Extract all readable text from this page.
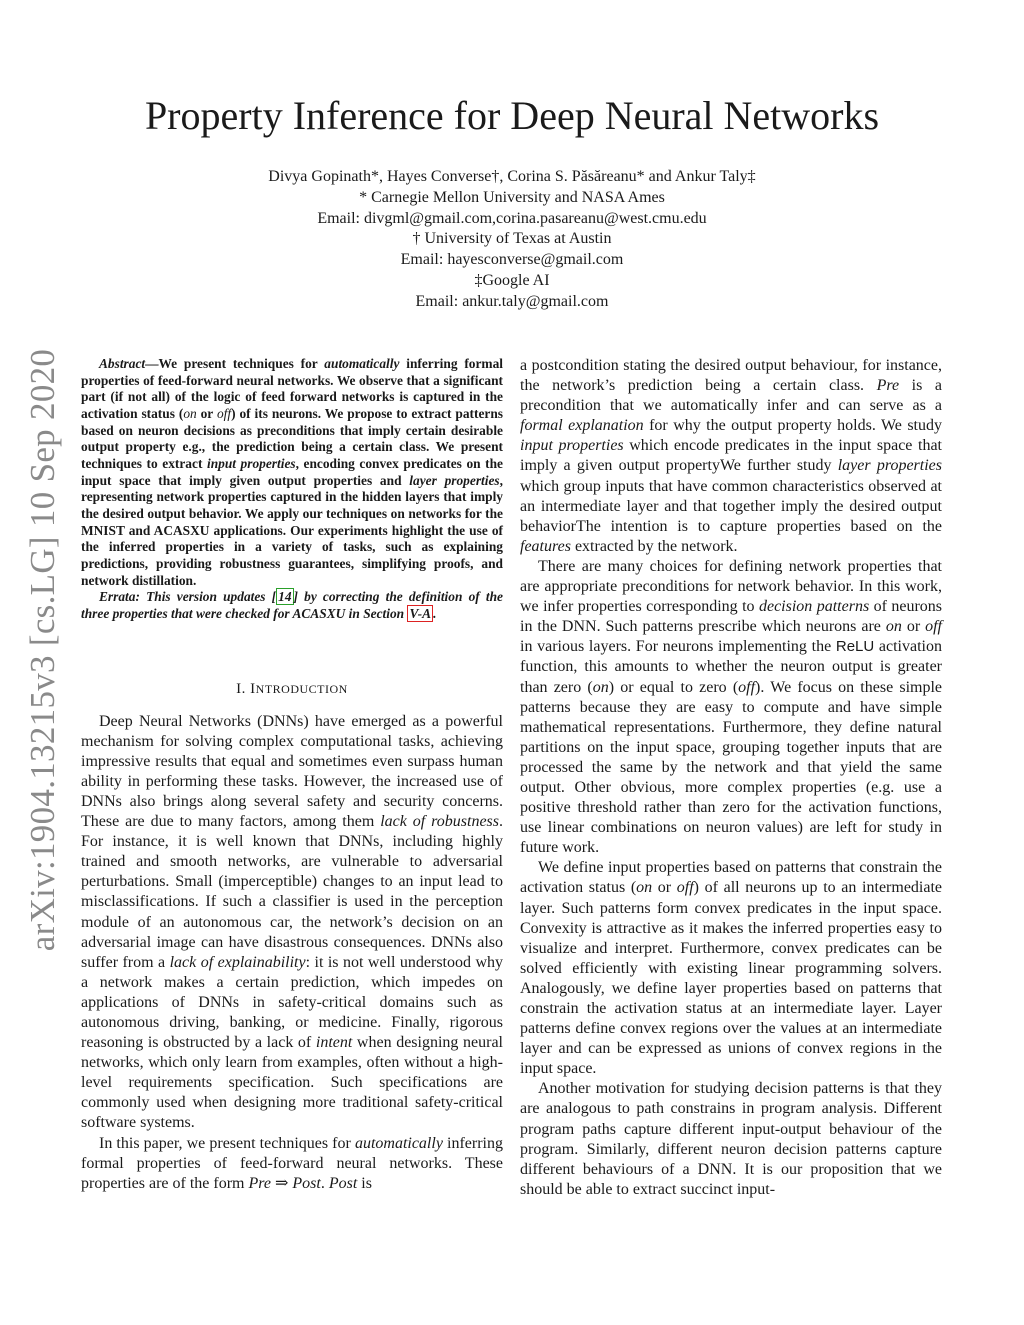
arXiv:1904.13215v3 [cs.LG] 10 Sep 2020
Property Inference for Deep Neural Networks
Divya Gopinath*, Hayes Converse†, Corina S. Păsăreanu* and Ankur Taly‡
* Carnegie Mellon University and NASA Ames
Email: divgml@gmail.com,corina.pasareanu@west.cmu.edu
† University of Texas at Austin
Email: hayesconverse@gmail.com
‡Google AI
Email: ankur.taly@gmail.com

Abstract—We present techniques for automatically inferring formal properties of feed-forward neural networks. We observe that a significant part (if not all) of the logic of feed forward networks is captured in the activation status (on or off) of its neurons. We propose to extract patterns based on neuron decisions as preconditions that imply certain desirable output property e.g., the prediction being a certain class. We present techniques to extract input properties, encoding convex predicates on the input space that imply given output properties and layer properties, representing network properties captured in the hidden layers that imply the desired output behavior. We apply our techniques on networks for the MNIST and ACASXU applications. Our experiments highlight the use of the inferred properties in a variety of tasks, such as explaining predictions, providing robustness guarantees, simplifying proofs, and network distillation.

Errata: This version updates [ 14 ] by correcting the definition of the three properties that were checked for ACASXU in Section V-A .

I. INTRODUCTION

Deep Neural Networks (DNNs) have emerged as a powerful mechanism for solving complex computational tasks, achieving impressive results that equal and sometimes even surpass human ability in performing these tasks. However, the increased use of DNNs also brings along several safety and security concerns. These are due to many factors, among them lack of robustness. For instance, it is well known that DNNs, including highly trained and smooth networks, are vulnerable to adversarial perturbations. Small (imperceptible) changes to an input lead to misclassifications. If such a classifier is used in the perception module of an autonomous car, the network’s decision on an adversarial image can have disastrous consequences. DNNs also suffer from a lack of explainability: it is not well understood why a network makes a certain prediction, which impedes on applications of DNNs in safety-critical domains such as autonomous driving, banking, or medicine. Finally, rigorous reasoning is obstructed by a lack of intent when designing neural networks, which only learn from examples, often without a high-level requirements specification. Such specifications are commonly used when designing more traditional safety-critical software systems.

In this paper, we present techniques for automatically inferring formal properties of feed-forward neural networks. These properties are of the form Pre ⇒ Post. Post is

a postcondition stating the desired output behaviour, for instance, the network’s prediction being a certain class. Pre is a precondition that we automatically infer and can serve as a formal explanation for why the output property holds. We study input properties which encode predicates in the input space that imply a given output propertyWe further study layer properties which group inputs that have common characteristics observed at an intermediate layer and that together imply the desired output behaviorThe intention is to capture properties based on the features extracted by the network.

There are many choices for defining network properties that are appropriate preconditions for network behavior. In this work, we infer properties corresponding to decision patterns of neurons in the DNN. Such patterns prescribe which neurons are on or off in various layers. For neurons implementing the ReLU activation function, this amounts to whether the neuron output is greater than zero (on) or equal to zero (off). We focus on these simple patterns because they are easy to compute and have simple mathematical representations. Furthermore, they define natural partitions on the input space, grouping together inputs that are processed the same by the network and that yield the same output. Other obvious, more complex properties (e.g. use a positive threshold rather than zero for the activation functions, use linear combinations on neuron values) are left for study in future work.

We define input properties based on patterns that constrain the activation status (on or off) of all neurons up to an intermediate layer. Such patterns form convex predicates in the input space. Convexity is attractive as it makes the inferred properties easy to visualize and interpret. Furthermore, convex predicates can be solved efficiently with existing linear programming solvers. Analogously, we define layer properties based on patterns that constrain the activation status at an intermediate layer. Layer patterns define convex regions over the values at an intermediate layer and can be expressed as unions of convex regions in the input space.

Another motivation for studying decision patterns is that they are analogous to path constrains in program analysis. Different program paths capture different input-output behaviour of the program. Similarly, different neuron decision patterns capture different behaviours of a DNN. It is our proposition that we should be able to extract succinct input-
